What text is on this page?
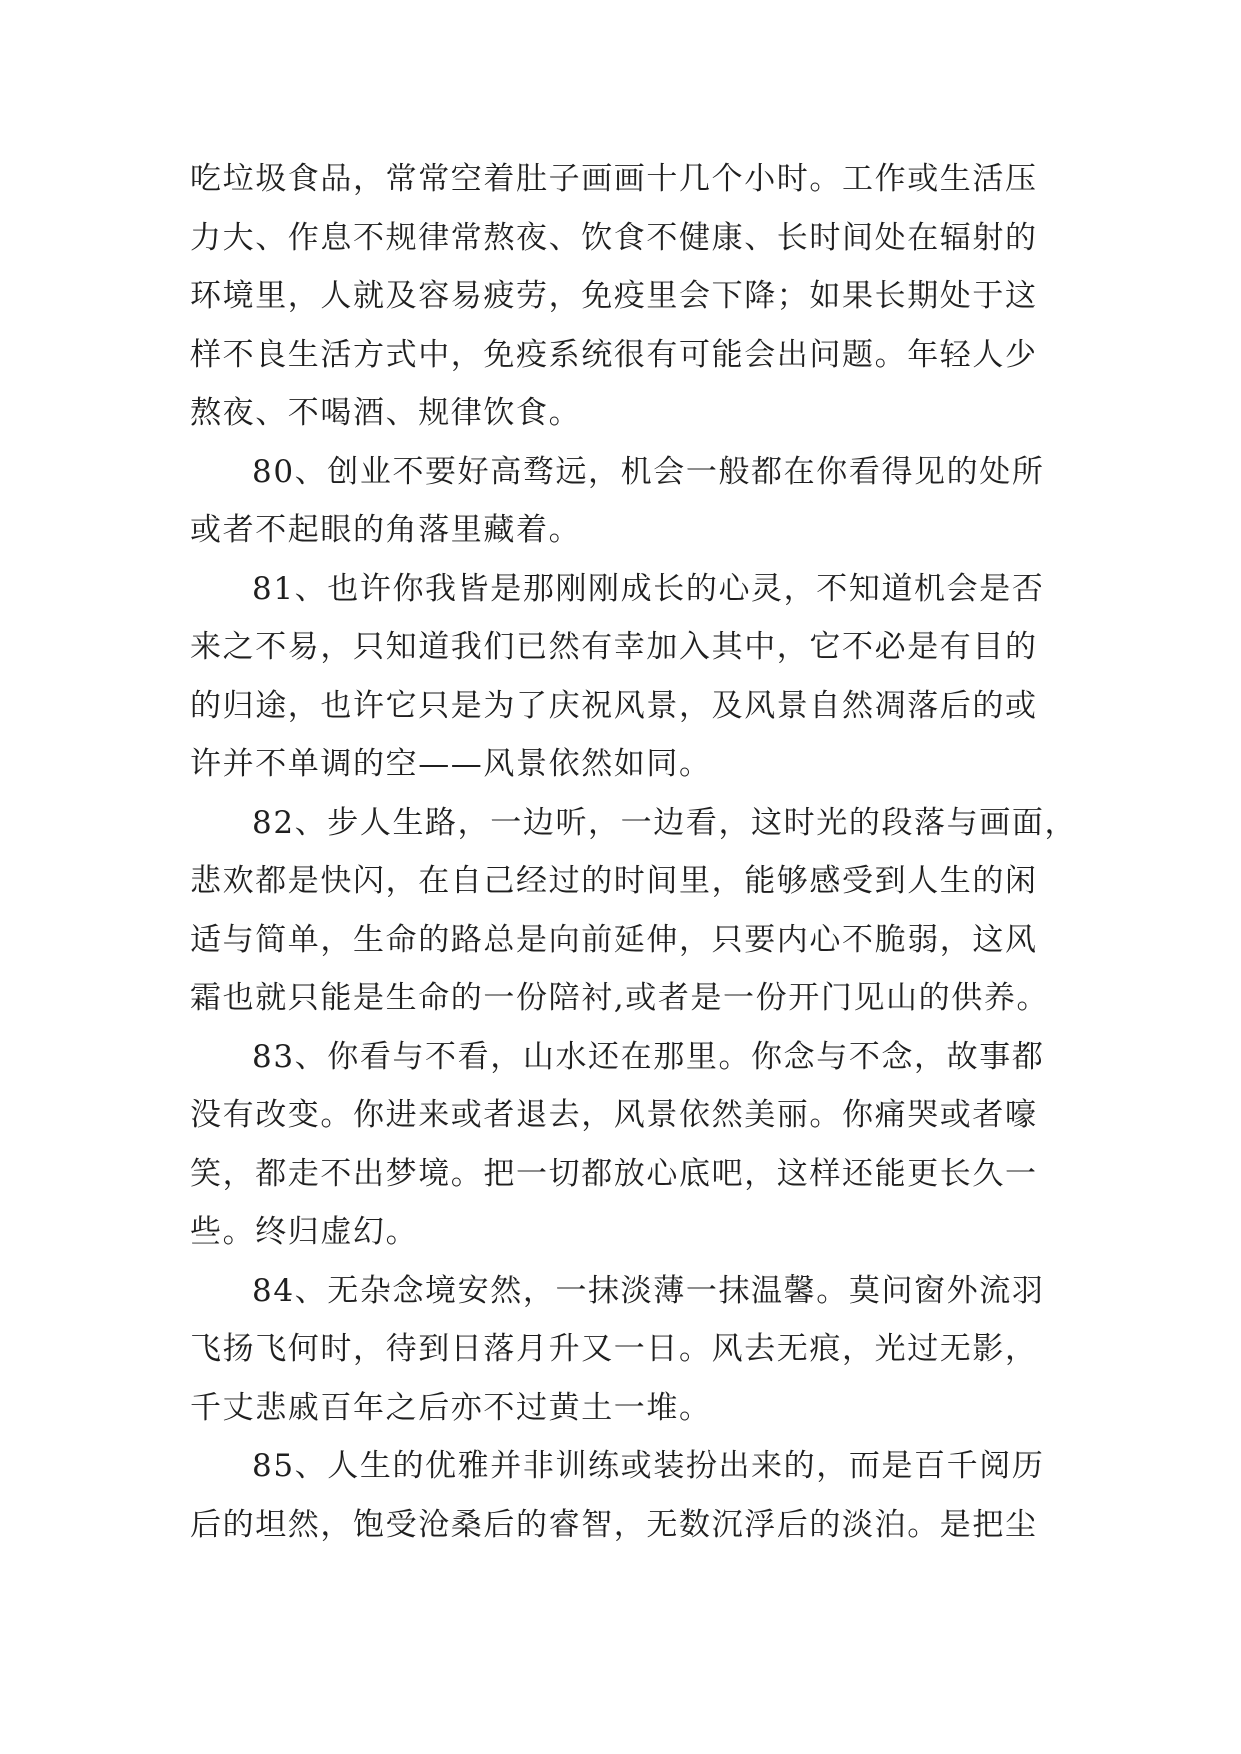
吃垃圾食品，常常空着肚子画画十几个小时。工作或生活压
力大、作息不规律常熬夜、饮食不健康、长时间处在辐射的
环境里，人就及容易疲劳，免疫里会下降；如果长期处于这
样不良生活方式中，免疫系统很有可能会出问题。年轻人少
熬夜、不喝酒、规律饮食。
80、创业不要好高骛远，机会一般都在你看得见的处所
或者不起眼的角落里藏着。
81、也许你我皆是那刚刚成长的心灵，不知道机会是否
来之不易，只知道我们已然有幸加入其中，它不必是有目的
的归途，也许它只是为了庆祝风景，及风景自然凋落后的或
许并不单调的空——风景依然如同。
82、步人生路，一边听，一边看，这时光的段落与画面，
悲欢都是快闪，在自己经过的时间里，能够感受到人生的闲
适与简单，生命的路总是向前延伸，只要内心不脆弱，这风
霜也就只能是生命的一份陪衬,或者是一份开门见山的供养。
83、你看与不看，山水还在那里。你念与不念，故事都
没有改变。你进来或者退去，风景依然美丽。你痛哭或者嚎
笑，都走不出梦境。把一切都放心底吧，这样还能更长久一
些。终归虚幻。
84、无杂念境安然，一抹淡薄一抹温馨。莫问窗外流羽
飞扬飞何时，待到日落月升又一日。风去无痕，光过无影，
千丈悲戚百年之后亦不过黄土一堆。
85、人生的优雅并非训练或装扮出来的，而是百千阅历
后的坦然，饱受沧桑后的睿智，无数沉浮后的淡泊。是把尘
